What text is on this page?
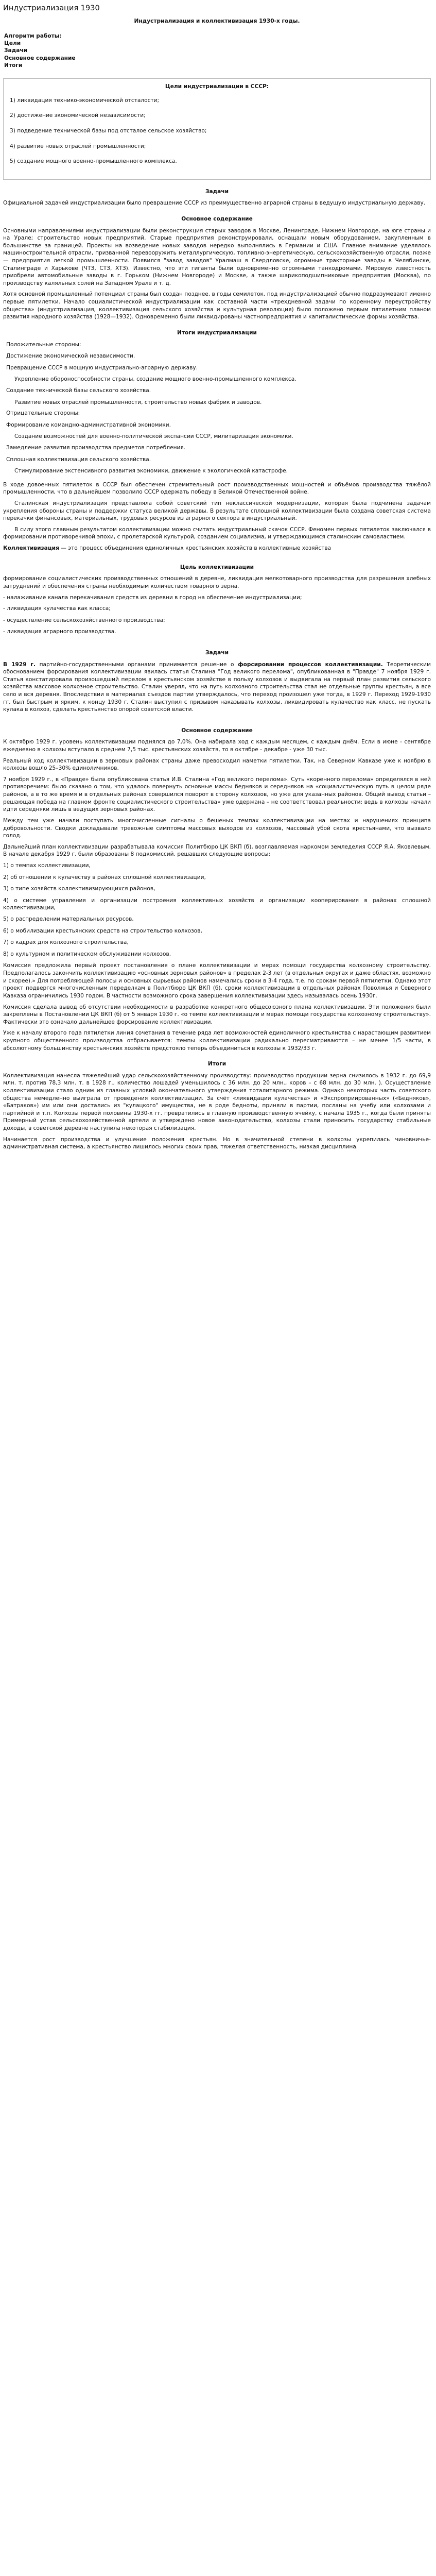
Индустриализация 1930
Индустриализация и коллективизация 1930-х годы.
Алгоритм работы:
Цели
Задачи
Основное содержание
Итоги
Цели индустриализации в СССР:
1) ликвидация технико-экономической отсталости;
2) достижение экономической независимости;
3) подведение технической базы под отсталое сельское хозяйство;
4) развитие новых отраслей промышленности;
5) создание мощного военно-промышленного комплекса.
Задачи

Официальной задачей индустриализации было превращение СССР из преимущественно аграрной страны в ведущую индустриальную державу.

Основное содержание

Основными направлениями индустриализации были реконструкция старых заводов в Москве, Ленинграде, Нижнем Новгороде, на юге страны и на Урале; строительство новых предприятий. Старые предприятия реконструировали, оснащали новым оборудованием, закупленным в большинстве за границей. Проекты на возведение новых заводов нередко выполнялись в Германии и США. Главное внимание уделялось машиностроительной отрасли, призванной перевооружить металлургическую, топливно-энергетическую, сельскохозяйственную отрасли, позже — предприятия легкой промышленности. Появился "завод заводов" Уралмаш в Свердловске, огромные тракторные заводы в Челябинске, Сталинграде и Харькове (ЧТЗ, СТЗ, ХТЗ). Известно, что эти гиганты были одновременно огромными танкодромами. Мировую известность приобрели автомобильные заводы в г. Горьком (Нижнем Новгороде) и Москве, а также шарикоподшипниковые предприятия (Москва), по производству каляльных солей на Западном Урале и т. д.

Хотя основной промышленный потенциал страны был создан позднее, в годы семилеток, под индустриализацией обычно подразумевают именно первые пятилетки. Начало социалистической индустриализации как составной части «трехдневной задачи по коренному переустройству общества» (индустриализация, коллективизация сельского хозяйства и культурная революция) было положено первым пятилетним планом развития народного хозяйства (1928—1932). Одновременно были ликвидированы частнопредприятия и капиталистические формы хозяйства.

Итоги индустриализации
Положительные стороны:
Достижение экономической независимости.
Превращение СССР в мощную индустриально-аграрную державу.

Укрепление обороноспособности страны, создание мощного военно-промышленного комплекса.

Создание технической базы сельского хозяйства.

Развитие новых отраслей промышленности, строительство новых фабрик и заводов.

Отрицательные стороны:
Формирование командно-административной экономики.

Создание возможностей для военно-политической экспансии СССР, милитаризация экономики.

Замедление развития производства предметов потребления.
Сплошная коллективизация сельского хозяйства.

Стимулирование экстенсивного развития экономики, движение к экологической катастрофе.

В ходе довоенных пятилеток в СССР был обеспечен стремительный рост производственных мощностей и объёмов производства тяжёлой промышленности, что в дальнейшем позволило СССР одержать победу в Великой Отечественной войне.

Сталинская индустриализация представляла собой советский тип неклассической модернизации, которая была подчинена задачам укрепления обороны страны и поддержки статуса великой державы. В результате сплошной коллективизации была создана советская система перекачки финансовых, материальных, трудовых ресурсов из аграрного сектора в индустриальный.

В силу этого главным результатом коллективизации можно считать индустриальный скачок СССР. Феномен первых пятилеток заключался в формировании противоречивой эпохи, с пролетарской культурой, созданием социализма, и утверждающимся сталинским самовластием.

Коллективизация — это процесс объединения единоличных крестьянских хозяйств в коллективные хозяйства

Цель коллективизации

формирование социалистических производственных отношений в деревне, ликвидация мелкотоварного производства для разрешения хлебных затруднений и обеспечения страны необходимым количеством товарного зерна.

- налаживание канала перекачивания средств из деревни в город на обеспечение индустриализации;

- ликвидация кулачества как класса;
- осуществление сельскохозяйственного производства;
- ликвидация аграрного производства.
Задачи

В 1929 г. партийно-государственными органами принимается решение о форсировании процессов коллективизации. Теоретическим обоснованием форсирования коллективизации явилась статья Сталина "Год великого перелома", опубликованная в "Правде" 7 ноября 1929 г. Статья констатировала произошедший перелом в крестьянском хозяйстве в пользу колхозов и выдвигала на первый план развития сельского хозяйства массовое колхозное строительство. Сталин уверял, что на путь колхозного строительства стал не отдельные группы крестьян, а все село и вся деревня. Впоследствии в материалах съездов партии утверждалось, что переход произошел уже тогда, в 1929 г. Переход 1929-1930 гг. был быстрым и ярким, к концу 1930 г. Сталин выступил с призывом наказывать колхозы, ликвидировать кулачество как класс, не пускать кулака в колхоз, сделать крестьянство опорой советской власти.

Основное содержание

К октябрю 1929 г. уровень коллективизации поднялся до 7,0%. Она набирала ход с каждым месяцем, с каждым днём. Если в июне - сентябре ежедневно в колхозы вступало в среднем 7,5 тыс. крестьянских хозяйств, то в октябре - декабре - уже 30 тыс.

Реальный ход коллективизации в зерновых районах страны даже превосходил наметки пятилетки. Так, на Северном Кавказе уже к ноябрю в колхозы вошло 25–30% единоличников.

7 ноября 1929 г., в «Правде» была опубликована статья И.В. Сталина «Год великого перелома». Суть «коренного перелома» определялся в ней противоречием: было сказано о том, что удалось повернуть основные массы бедняков и середняков на «социалистическую путь в целом ряде районов, а в то же время и в отдельных районах совершился поворот в сторону колхозов, но уже для указанных районов. Общий вывод статьи – решающая победа на главном фронте социалистического строительства» уже одержана – не соответствовал реальности: ведь в колхозы начали идти середняки лишь в ведущих зерновых районах.

Между тем уже начали поступать многочисленные сигналы о бешеных темпах коллективизации на местах и нарушениях принципа добровольности. Сводки докладывали тревожные симптомы массовых выходов из колхозов, массовый убой скота крестьянами, что вызвало голод.

Дальнейший план коллективизации разрабатывала комиссия Политбюро ЦК ВКП (б), возглавляемая наркомом земледелия СССР Я.А. Яковлевым. В начале декабря 1929 г. были образованы 8 подкомиссий, решавших следующие вопросы:

1) о темпах коллективизации,
2) об отношении к кулачеству в районах сплошной коллективизации,
3) о типе хозяйств коллективизирующихся районов,

4) о системе управления и организации построения коллективных хозяйств и организации кооперирования в районах сплошной коллективизации,

5) о распределении материальных ресурсов,
6) о мобилизации крестьянских средств на строительство колхозов,
7) о кадрах для колхозного строительства,
8) о культурном и политическом обслуживании колхозов.

Комиссия предложила первый проект постановления о плане коллективизации и мерах помощи государства колхозному строительству. Предполагалось закончить коллективизацию «основных зерновых районов» в пределах 2-3 лет (в отдельных округах и даже областях, возможно и скорее).» Для потребляющей полосы и основных сырьевых районов намечались сроки в 3-4 года, т.е. по срокам первой пятилетки. Однако этот проект подвергся многочисленным переделкам в Политбюро ЦК ВКП (б), сроки коллективизации в отдельных районах Поволжья и Северного Кавказа ограничились 1930 годом. В частности возможного срока завершения коллективизации здесь называлась осень 1930г.

Комиссия сделала вывод об отсутствии необходимости в разработке конкретного общесоюзного плана коллективизации. Эти положения были закреплены в Постановлении ЦК ВКП (б) от 5 января 1930 г. «о темпе коллективизации и мерах помощи государства колхозному строительству». Фактически это означало дальнейшее форсирование коллективизации.

Уже к началу второго года пятилетки линия сочетания в течение ряда лет возможностей единоличного крестьянства с нарастающим развитием крупного общественного производства отбрасывается: темпы коллективизации радикально пересматриваются – не менее 1/5 части, в абсолютному большинству крестьянских хозяйств предстояло теперь объединиться в колхозы к 1932/33 г.

Итоги

Коллективизация нанесла тяжелейший удар сельскохозяйственному производству: производство продукции зерна снизилось в 1932 г. до 69,9 млн. т. против 78,3 млн. т. в 1928 г., количество лошадей уменьшилось с 36 млн. до 20 млн., коров – с 68 млн. до 30 млн. ). Осуществление коллективизации стало одним из главных условий окончательного утверждения тоталитарного режима. Однако некоторых часть советского общества немедленно выиграла от проведения коллективизации. За счёт «ликвидации кулачества» и «Экспроприированных» («Бедняков», «Батраков») им или они достались из "кулацкого" имущества, не в роде бедноты, приняли в партии, посланы на учебу или колхозами и партийной и т.п. Колхозы первой половины 1930-х гг. превратились в главную производственную ячейку, с начала 1935 г., когда были приняты Примерный устав сельскохозяйственной артели и утверждено новое законодательство, колхозы стали приносить государству стабильные доходы, в советской деревне наступила некоторая стабилизация.

Начинается рост производства и улучшение положения крестьян. Но в значительной степени в колхозы укрепилась чиновничье-административная система, а крестьянство лишилось многих своих прав, тяжелая ответственность, низкая дисциплина.
